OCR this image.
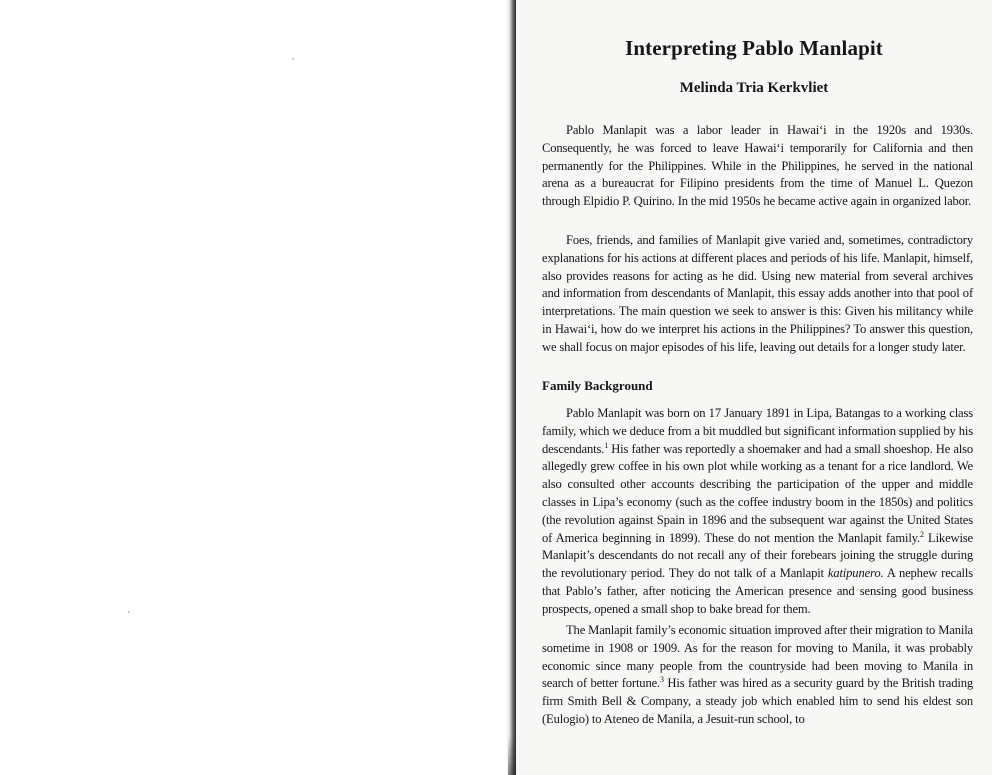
Interpreting Pablo Manlapit
Melinda Tria Kerkvliet

Pablo Manlapit was a labor leader in Hawai‘i in the 1920s and 1930s. Consequently, he was forced to leave Hawai‘i temporarily for California and then permanently for the Philippines. While in the Philippines, he served in the national arena as a bureaucrat for Filipino presidents from the time of Manuel L. Quezon through Elpidio P. Quirino. In the mid 1950s he became active again in organized labor.

Foes, friends, and families of Manlapit give varied and, sometimes, contradictory explanations for his actions at different places and periods of his life. Manlapit, himself, also provides reasons for acting as he did. Using new material from several archives and information from descendants of Manlapit, this essay adds another into that pool of interpretations. The main question we seek to answer is this: Given his militancy while in Hawai‘i, how do we interpret his actions in the Philippines? To answer this question, we shall focus on major episodes of his life, leaving out details for a longer study later.

Family Background

Pablo Manlapit was born on 17 January 1891 in Lipa, Batangas to a working class family, which we deduce from a bit muddled but significant information supplied by his descendants.$^1$ His father was reportedly a shoemaker and had a small shoeshop. He also allegedly grew coffee in his own plot while working as a tenant for a rice landlord. We also consulted other accounts describing the participation of the upper and middle classes in Lipa’s economy (such as the coffee industry boom in the 1850s) and politics (the revolution against Spain in 1896 and the subsequent war against the United States of America beginning in 1899). These do not mention the Manlapit family.$^2$ Likewise Manlapit’s descendants do not recall any of their forebears joining the struggle during the revolutionary period. They do not talk of a Manlapit katipunero. A nephew recalls that Pablo’s father, after noticing the American presence and sensing good business prospects, opened a small shop to bake bread for them.

The Manlapit family’s economic situation improved after their migration to Manila sometime in 1908 or 1909. As for the reason for moving to Manila, it was probably economic since many people from the countryside had been moving to Manila in search of better fortune.$^3$ His father was hired as a security guard by the British trading firm Smith Bell & Company, a steady job which enabled him to send his eldest son (Eulogio) to Ateneo de Manila, a Jesuit-run school, to
